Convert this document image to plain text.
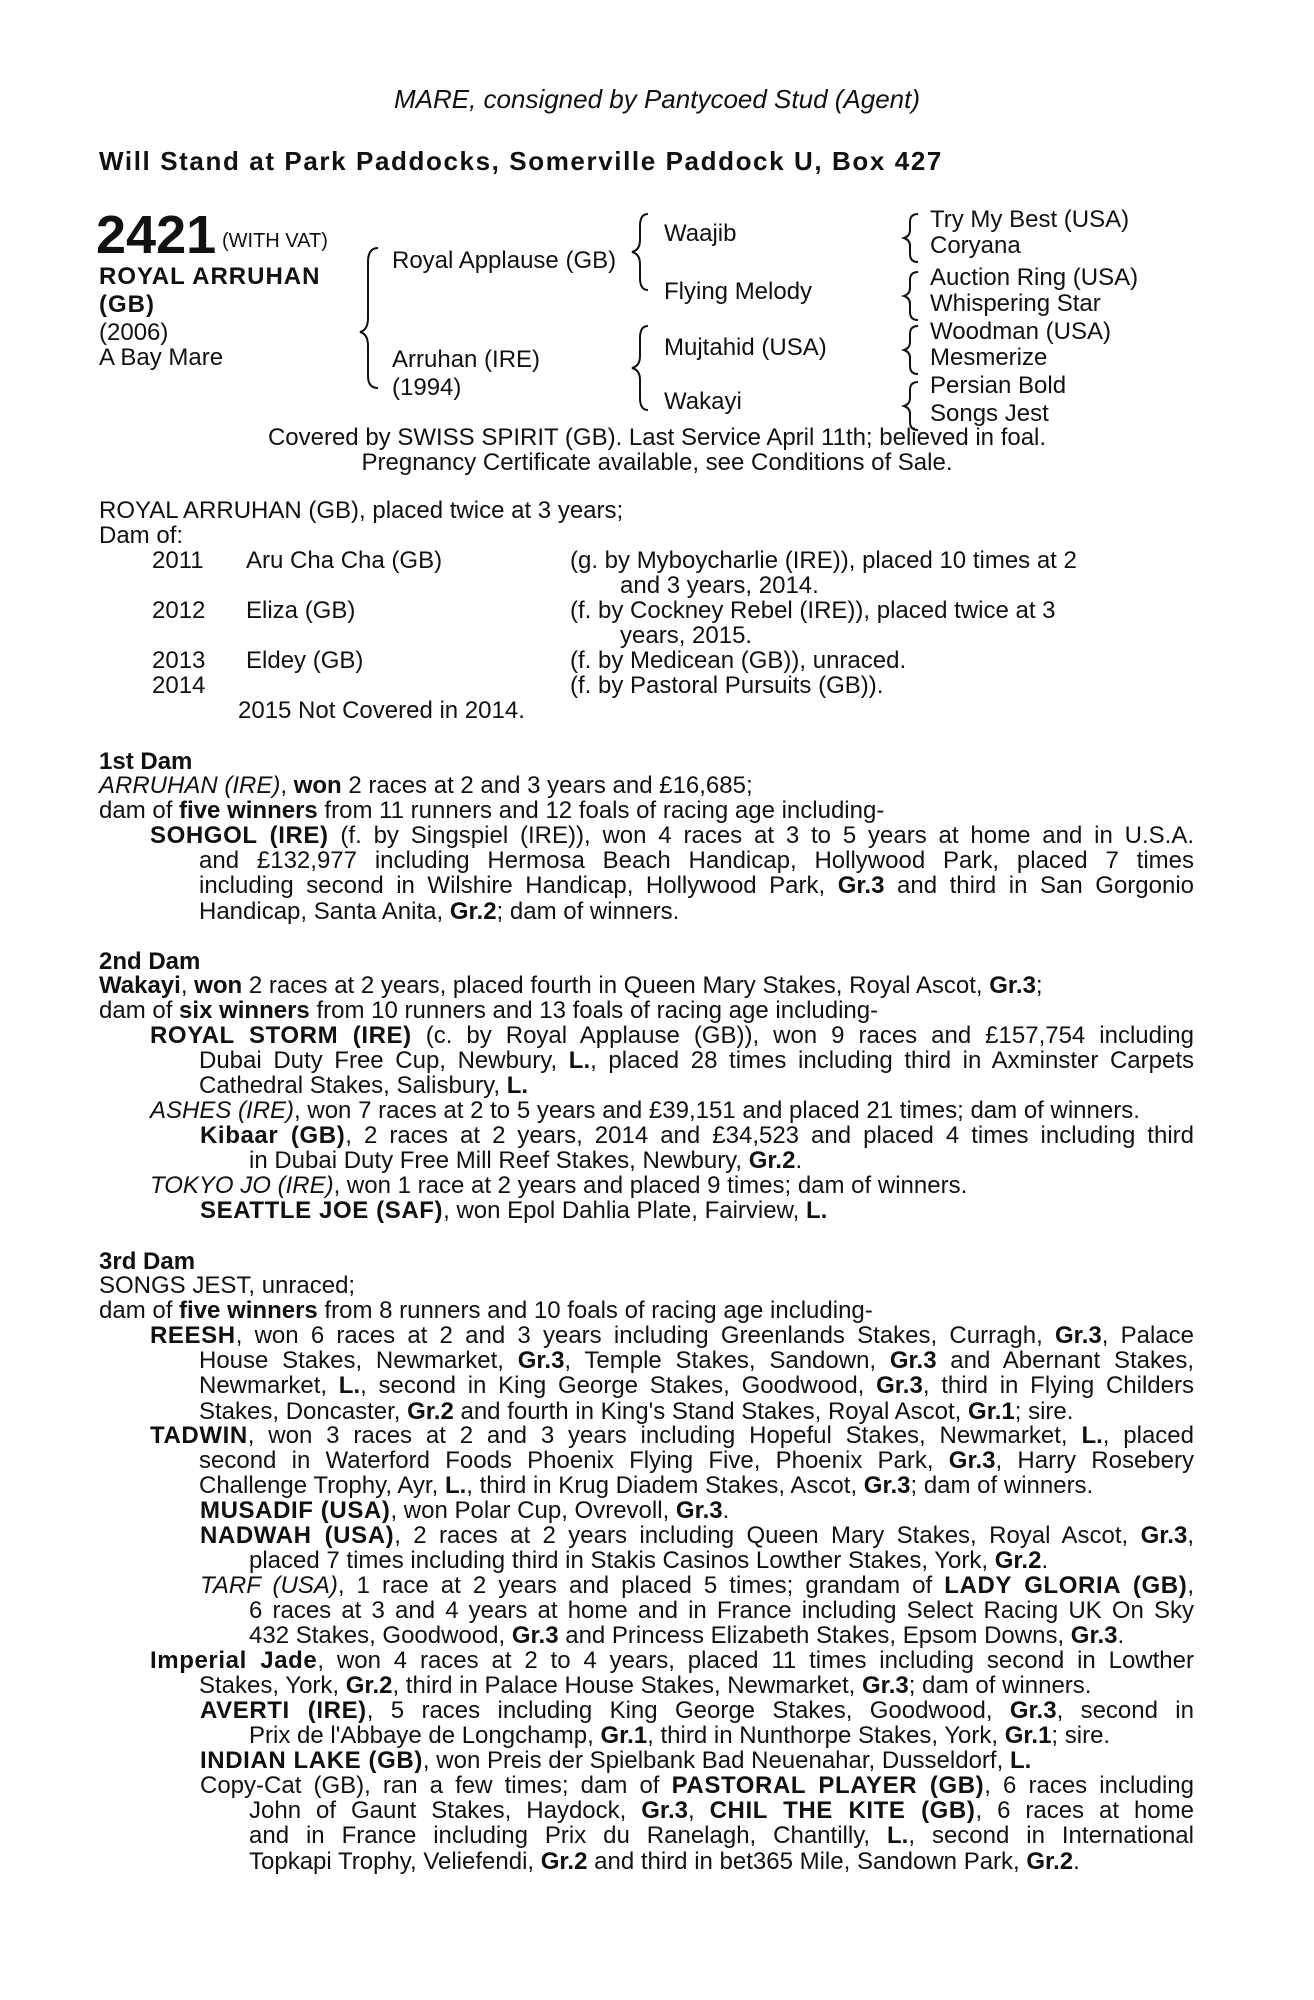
MARE, consigned by Pantycoed Stud (Agent)
Will Stand at Park Paddocks, Somerville Paddock U, Box 427
2421 (WITH VAT)
ROYAL ARRUHAN
(GB)
(2006)
A Bay Mare
Royal Applause (GB)
Arruhan (IRE)
(1994)
Waajib
Flying Melody
Mujtahid (USA)
Wakayi
Try My Best (USA)
Coryana
Auction Ring (USA)
Whispering Star
Woodman (USA)
Mesmerize
Persian Bold
Songs Jest
Covered by SWISS SPIRIT (GB). Last Service April 11th; believed in foal.
Pregnancy Certificate available, see Conditions of Sale.
ROYAL ARRUHAN (GB), placed twice at 3 years;
Dam of:
2011 Aru Cha Cha (GB)	(g. by Myboycharlie (IRE)), placed 10 times at 2
and 3 years, 2014.
2012 Eliza (GB)	(f. by Cockney Rebel (IRE)), placed twice at 3
years, 2015.
2013 Eldey (GB)	(f. by Medicean (GB)), unraced.
2014	(f. by Pastoral Pursuits (GB)).
2015 Not Covered in 2014.
1st Dam
ARRUHAN (IRE), won 2 races at 2 and 3 years and £16,685;
dam of five winners from 11 runners and 12 foals of racing age including-
SOHGOL (IRE) (f. by Singspiel (IRE)), won 4 races at 3 to 5 years at home and in U.S.A.
and £132,977 including Hermosa Beach Handicap, Hollywood Park, placed 7 times
including second in Wilshire Handicap, Hollywood Park, Gr.3 and third in San Gorgonio
Handicap, Santa Anita, Gr.2; dam of winners.
2nd Dam
Wakayi, won 2 races at 2 years, placed fourth in Queen Mary Stakes, Royal Ascot, Gr.3;
dam of six winners from 10 runners and 13 foals of racing age including-
ROYAL STORM (IRE) (c. by Royal Applause (GB)), won 9 races and £157,754 including
Dubai Duty Free Cup, Newbury, L., placed 28 times including third in Axminster Carpets
Cathedral Stakes, Salisbury, L.
ASHES (IRE), won 7 races at 2 to 5 years and £39,151 and placed 21 times; dam of winners.
Kibaar (GB), 2 races at 2 years, 2014 and £34,523 and placed 4 times including third
in Dubai Duty Free Mill Reef Stakes, Newbury, Gr.2.
TOKYO JO (IRE), won 1 race at 2 years and placed 9 times; dam of winners.
SEATTLE JOE (SAF), won Epol Dahlia Plate, Fairview, L.
3rd Dam
SONGS JEST, unraced;
dam of five winners from 8 runners and 10 foals of racing age including-
REESH, won 6 races at 2 and 3 years including Greenlands Stakes, Curragh, Gr.3, Palace
House Stakes, Newmarket, Gr.3, Temple Stakes, Sandown, Gr.3 and Abernant Stakes,
Newmarket, L., second in King George Stakes, Goodwood, Gr.3, third in Flying Childers
Stakes, Doncaster, Gr.2 and fourth in King's Stand Stakes, Royal Ascot, Gr.1; sire.
TADWIN, won 3 races at 2 and 3 years including Hopeful Stakes, Newmarket, L., placed
second in Waterford Foods Phoenix Flying Five, Phoenix Park, Gr.3, Harry Rosebery
Challenge Trophy, Ayr, L., third in Krug Diadem Stakes, Ascot, Gr.3; dam of winners.
MUSADIF (USA), won Polar Cup, Ovrevoll, Gr.3.
NADWAH (USA), 2 races at 2 years including Queen Mary Stakes, Royal Ascot, Gr.3,
placed 7 times including third in Stakis Casinos Lowther Stakes, York, Gr.2.
TARF (USA), 1 race at 2 years and placed 5 times; grandam of LADY GLORIA (GB),
6 races at 3 and 4 years at home and in France including Select Racing UK On Sky
432 Stakes, Goodwood, Gr.3 and Princess Elizabeth Stakes, Epsom Downs, Gr.3.
Imperial Jade, won 4 races at 2 to 4 years, placed 11 times including second in Lowther
Stakes, York, Gr.2, third in Palace House Stakes, Newmarket, Gr.3; dam of winners.
AVERTI (IRE), 5 races including King George Stakes, Goodwood, Gr.3, second in
Prix de l'Abbaye de Longchamp, Gr.1, third in Nunthorpe Stakes, York, Gr.1; sire.
INDIAN LAKE (GB), won Preis der Spielbank Bad Neuenahar, Dusseldorf, L.
Copy-Cat (GB), ran a few times; dam of PASTORAL PLAYER (GB), 6 races including
John of Gaunt Stakes, Haydock, Gr.3, CHIL THE KITE (GB), 6 races at home
and in France including Prix du Ranelagh, Chantilly, L., second in International
Topkapi Trophy, Veliefendi, Gr.2 and third in bet365 Mile, Sandown Park, Gr.2.
